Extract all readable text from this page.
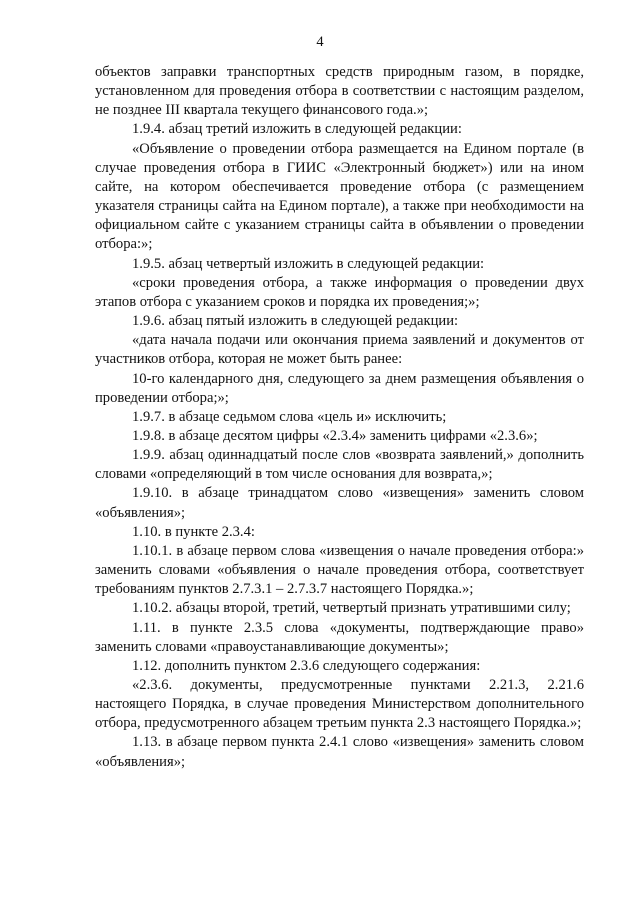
4

объектов заправки транспортных средств природным газом, в порядке, установленном для проведения отбора в соответствии с настоящим разделом, не позднее III квартала текущего финансового года.»;

1.9.4. абзац третий изложить в следующей редакции:

«Объявление о проведении отбора размещается на Едином портале (в случае проведения отбора в ГИИС «Электронный бюджет») или на ином сайте, на котором обеспечивается проведение отбора (с размещением указателя страницы сайта на Едином портале), а также при необходимости на официальном сайте с указанием страницы сайта в объявлении о проведении отбора:»;

1.9.5. абзац четвертый изложить в следующей редакции:

«сроки проведения отбора, а также информация о проведении двух этапов отбора с указанием сроков и порядка их проведения;»;

1.9.6. абзац пятый изложить в следующей редакции:

«дата начала подачи или окончания приема заявлений и документов от участников отбора, которая не может быть ранее:

10-го календарного дня, следующего за днем размещения объявления о проведении отбора;»;

1.9.7. в абзаце седьмом слова «цель и» исключить;

1.9.8. в абзаце десятом цифры «2.3.4» заменить цифрами «2.3.6»;

1.9.9. абзац одиннадцатый после слов «возврата заявлений,» дополнить словами «определяющий в том числе основания для возврата,»;

1.9.10. в абзаце тринадцатом слово «извещения» заменить словом «объявления»;

1.10. в пункте 2.3.4:

1.10.1. в абзаце первом слова «извещения о начале проведения отбора:» заменить словами «объявления о начале проведения отбора, соответствует требованиям пунктов 2.7.3.1 – 2.7.3.7 настоящего Порядка.»;

1.10.2. абзацы второй, третий, четвертый признать утратившими силу;

1.11. в пункте 2.3.5 слова «документы, подтверждающие право» заменить словами «правоустанавливающие документы»;

1.12. дополнить пунктом 2.3.6 следующего содержания:

«2.3.6. документы, предусмотренные пунктами 2.21.3, 2.21.6 настоящего Порядка, в случае проведения Министерством дополнительного отбора, предусмотренного абзацем третьим пункта 2.3 настоящего Порядка.»;

1.13. в абзаце первом пункта 2.4.1 слово «извещения» заменить словом «объявления»;
